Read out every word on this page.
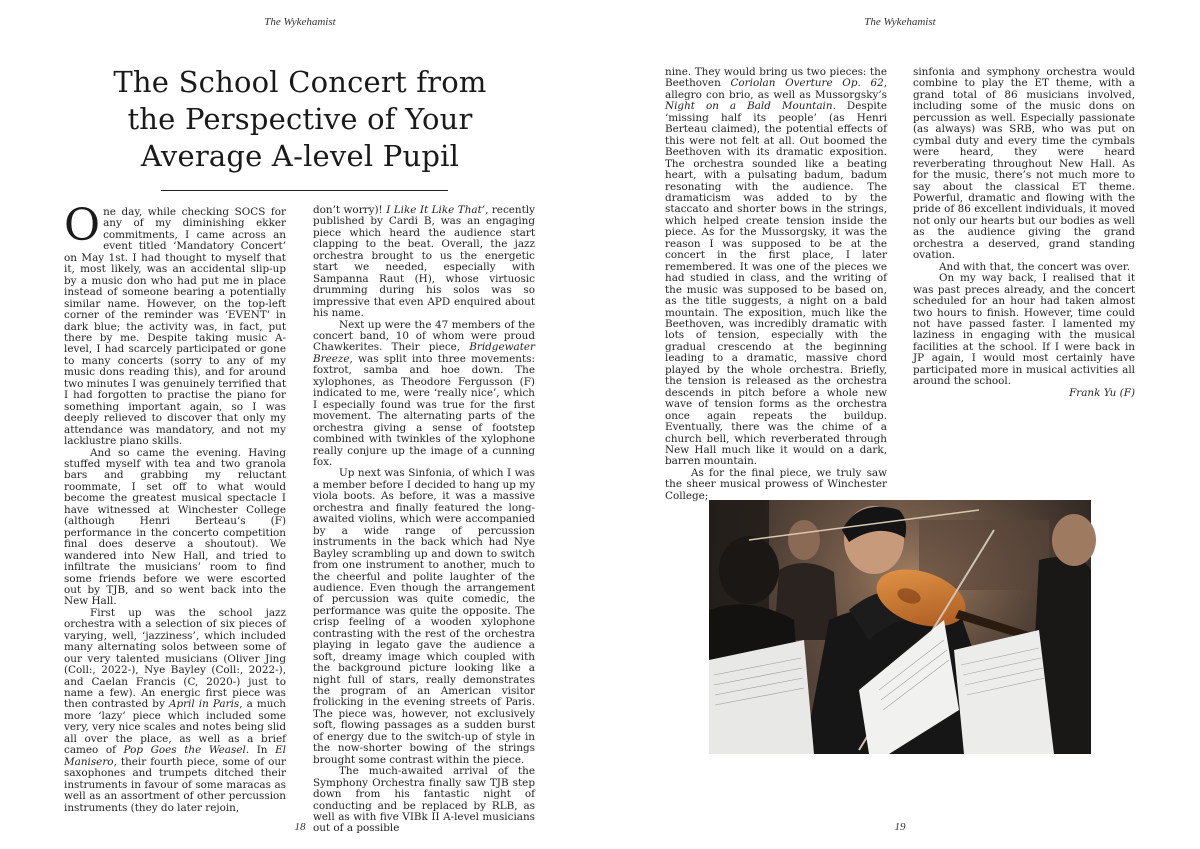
The Wykehamist
The School Concert from the Perspective of Your Average A-level Pupil

One day, while checking SOCS for any of my diminishing ekker commitments, I came across an event titled ‘Mandatory Concert’ on May 1st. I had thought to myself that it, most likely, was an accidental slip-up by a music don who had put me in place instead of someone bearing a potentially similar name. However, on the top-left corner of the reminder was ‘EVENT’ in dark blue; the activity was, in fact, put there by me. Despite taking music A-level, I had scarcely participated or gone to many concerts (sorry to any of my music dons reading this), and for around two minutes I was genuinely terrified that I had forgotten to practise the piano for something important again, so I was deeply relieved to discover that only my attendance was mandatory, and not my lacklustre piano skills.

And so came the evening. Having stuffed myself with tea and two granola bars and grabbing my reluctant roommate, I set off to what would become the greatest musical spectacle I have witnessed at Winchester College (although Henri Berteau’s (F) performance in the concerto competition final does deserve a shoutout). We wandered into New Hall, and tried to infiltrate the musicians’ room to find some friends before we were escorted out by TJB, and so went back into the New Hall.

First up was the school jazz orchestra with a selection of six pieces of varying, well, ‘jazziness’, which included many alternating solos between some of our very talented musicians (Oliver Jing (Coll:, 2022-), Nye Bayley (Coll:, 2022-), and Caelan Francis (C, 2020-) just to name a few). An energic first piece was then contrasted by April in Paris, a much more ‘lazy’ piece which included some very, very nice scales and notes being slid all over the place, as well as a brief cameo of Pop Goes the Weasel. In El Manisero, their fourth piece, some of our saxophones and trumpets ditched their instruments in favour of some maracas as well as an assortment of other percussion instruments (they do later rejoin,

don’t worry)! I Like It Like That’, recently published by Cardi B, was an engaging piece which heard the audience start clapping to the beat. Overall, the jazz orchestra brought to us the energetic start we needed, especially with Sampanna Raut (H), whose virtuosic drumming during his solos was so impressive that even APD enquired about his name.

Next up were the 47 members of the concert band, 10 of whom were proud Chawkerites. Their piece, Bridgewater Breeze, was split into three movements: foxtrot, samba and hoe down. The xylophones, as Theodore Fergusson (F) indicated to me, were ‘really nice’, which I especially found was true for the first movement. The alternating parts of the orchestra giving a sense of footstep combined with twinkles of the xylophone really conjure up the image of a cunning fox.

Up next was Sinfonia, of which I was a member before I decided to hang up my viola boots. As before, it was a massive orchestra and finally featured the long-awaited violins, which were accompanied by a wide range of percussion instruments in the back which had Nye Bayley scrambling up and down to switch from one instrument to another, much to the cheerful and polite laughter of the audience. Even though the arrangement of percussion was quite comedic, the performance was quite the opposite. The crisp feeling of a wooden xylophone contrasting with the rest of the orchestra playing in legato gave the audience a soft, dreamy image which coupled with the background picture looking like a night full of stars, really demonstrates the program of an American visitor frolicking in the evening streets of Paris. The piece was, however, not exclusively soft, flowing passages as a sudden burst of energy due to the switch-up of style in the now-shorter bowing of the strings brought some contrast within the piece.

The much-awaited arrival of the Symphony Orchestra finally saw TJB step down from his fantastic night of conducting and be replaced by RLB, as well as with five VIBk II A-level musicians out of a possible

18
The Wykehamist
19

nine. They would bring us two pieces: the Beethoven Coriolan Overture Op. 62, allegro con brio, as well as Mussorgsky’s Night on a Bald Mountain. Despite ‘missing half its people’ (as Henri Berteau claimed), the potential effects of this were not felt at all. Out boomed the Beethoven with its dramatic exposition. The orchestra sounded like a beating heart, with a pulsating badum, badum resonating with the audience. The dramaticism was added to by the staccato and shorter bows in the strings, which helped create tension inside the piece. As for the Mussorgsky, it was the reason I was supposed to be at the concert in the first place, I later remembered. It was one of the pieces we had studied in class, and the writing of the music was supposed to be based on, as the title suggests, a night on a bald mountain. The exposition, much like the Beethoven, was incredibly dramatic with lots of tension, especially with the gradual crescendo at the beginning leading to a dramatic, massive chord played by the whole orchestra. Briefly, the tension is released as the orchestra descends in pitch before a whole new wave of tension forms as the orchestra once again repeats the buildup. Eventually, there was the chime of a church bell, which reverberated through New Hall much like it would on a dark, barren mountain.

As for the final piece, we truly saw the sheer musical prowess of Winchester College;

sinfonia and symphony orchestra would combine to play the ET theme, with a grand total of 86 musicians involved, including some of the music dons on percussion as well. Especially passionate (as always) was SRB, who was put on cymbal duty and every time the cymbals were heard, they were heard reverberating throughout New Hall. As for the music, there’s not much more to say about the classical ET theme. Powerful, dramatic and flowing with the pride of 86 excellent individuals, it moved not only our hearts but our bodies as well as the audience giving the grand orchestra a deserved, grand standing ovation.

And with that, the concert was over.

On my way back, I realised that it was past preces already, and the concert scheduled for an hour had taken almost two hours to finish. However, time could not have passed faster. I lamented my laziness in engaging with the musical facilities at the school. If I were back in JP again, I would most certainly have participated more in musical activities all around the school.

Frank Yu (F)
